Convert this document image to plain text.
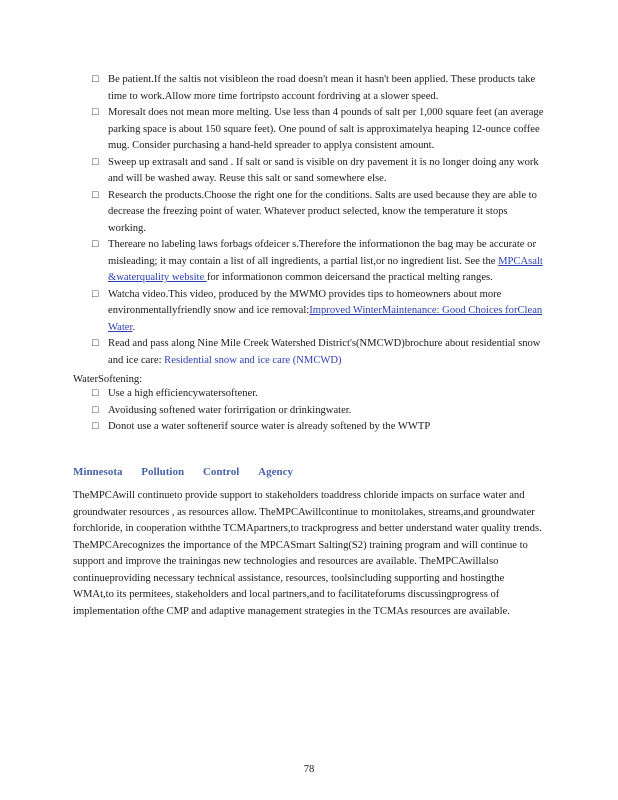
□ Be patient.If the saltis not visibleon the road doesn't mean it hasn't been applied. These products take time to work.Allow more time fortripsto account fordriving at a slower speed.
□ Moresalt does not mean more melting. Use less than 4 pounds of salt per 1,000 square feet (an average parking space is about 150 square feet). One pound of salt is approximatelya heaping 12-ounce coffee mug. Consider purchasing a hand-held spreader to applya consistent amount.
□ Sweep up extrasalt and sand . If salt or sand is visible on dry pavement it is no longer doing any work and will be washed away. Reuse this salt or sand somewhere else.
□ Research the products.Choose the right one for the conditions. Salts are used because they are able to decrease the freezing point of water. Whatever product selected, know the temperature it stops working.
□ Thereare no labeling laws forbags ofdeicer s.Therefore the informationon the bag may be accurate or misleading; it may contain a list of all ingredients, a partial list,or no ingredient list. See the MPCAsalt &waterquality website for informationon common deicersand the practical melting ranges.
□ Watcha video.This video, produced by the MWMO provides tips to homeowners about more environmentallyfriendly snow and ice removal:Improved WinterMaintenance: Good Choices forClean Water.
□ Read and pass along Nine Mile Creek Watershed District's(NMCWD)brochure about residential snow and ice care: Residential snow and ice care (NMCWD)
WaterSoftening:
□ Use a high efficiencywatersoftener.
□ Avoidusing softened water forirrigation or drinkingwater.
□ Donot use a water softenerif source water is already softened by the WWTP
Minnesota Pollution Control Agency

TheMPCAwill continueto provide support to stakeholders toaddress chloride impacts on surface water and groundwater resources , as resources allow. TheMPCAwillcontinue to monitolakes, streams,and groundwater forchloride, in cooperation withthe TCMApartners,to trackprogress and better understand water quality trends. TheMPCArecognizes the importance of the MPCASmart Salting(S2) training program and will continue to support and improve the trainingas new technologies and resources are available. TheMPCAwillalso continueproviding necessary technical assistance, resources, toolsincluding supporting and hostingthe WMAt,to its permitees, stakeholders and local partners,and to facilitateforums discussingprogress of implementation ofthe CMP and adaptive management strategies in the TCMAs resources are available.

78
